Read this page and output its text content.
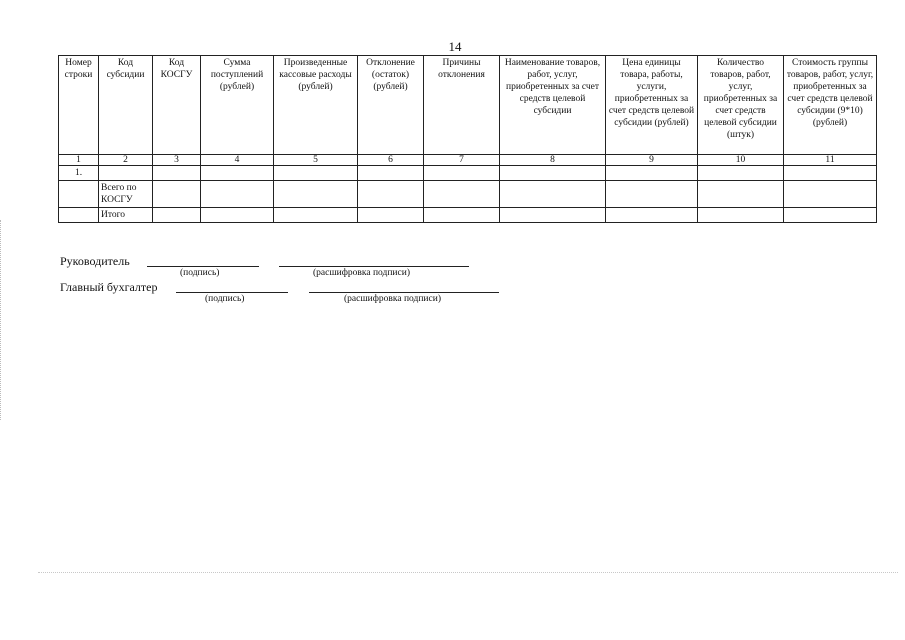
14
Номер строки	Код субсидии	Код КОСГУ	Сумма поступлений (рублей)	Произведенные кассовые расходы (рублей)	Отклонение (остаток) (рублей)	Причины отклонения	Наименование товаров, работ, услуг, приобретенных за счет средств целевой субсидии	Цена единицы товара, работы, услуги, приобретенных за счет средств целевой субсидии (рублей)	Количество товаров, работ, услуг, приобретенных за счет средств целевой субсидии (штук)	Стоимость группы товаров, работ, услуг, приобретенных за счет средств целевой субсидии (9*10) (рублей)
1	2	3	4	5	6	7	8	9	10	11
1.										
	Всего по КОСГУ									
	Итого									
Руководитель
(подпись)	(расшифровка подписи)
Главный бухгалтер
(подпись)	(расшифровка подписи)
